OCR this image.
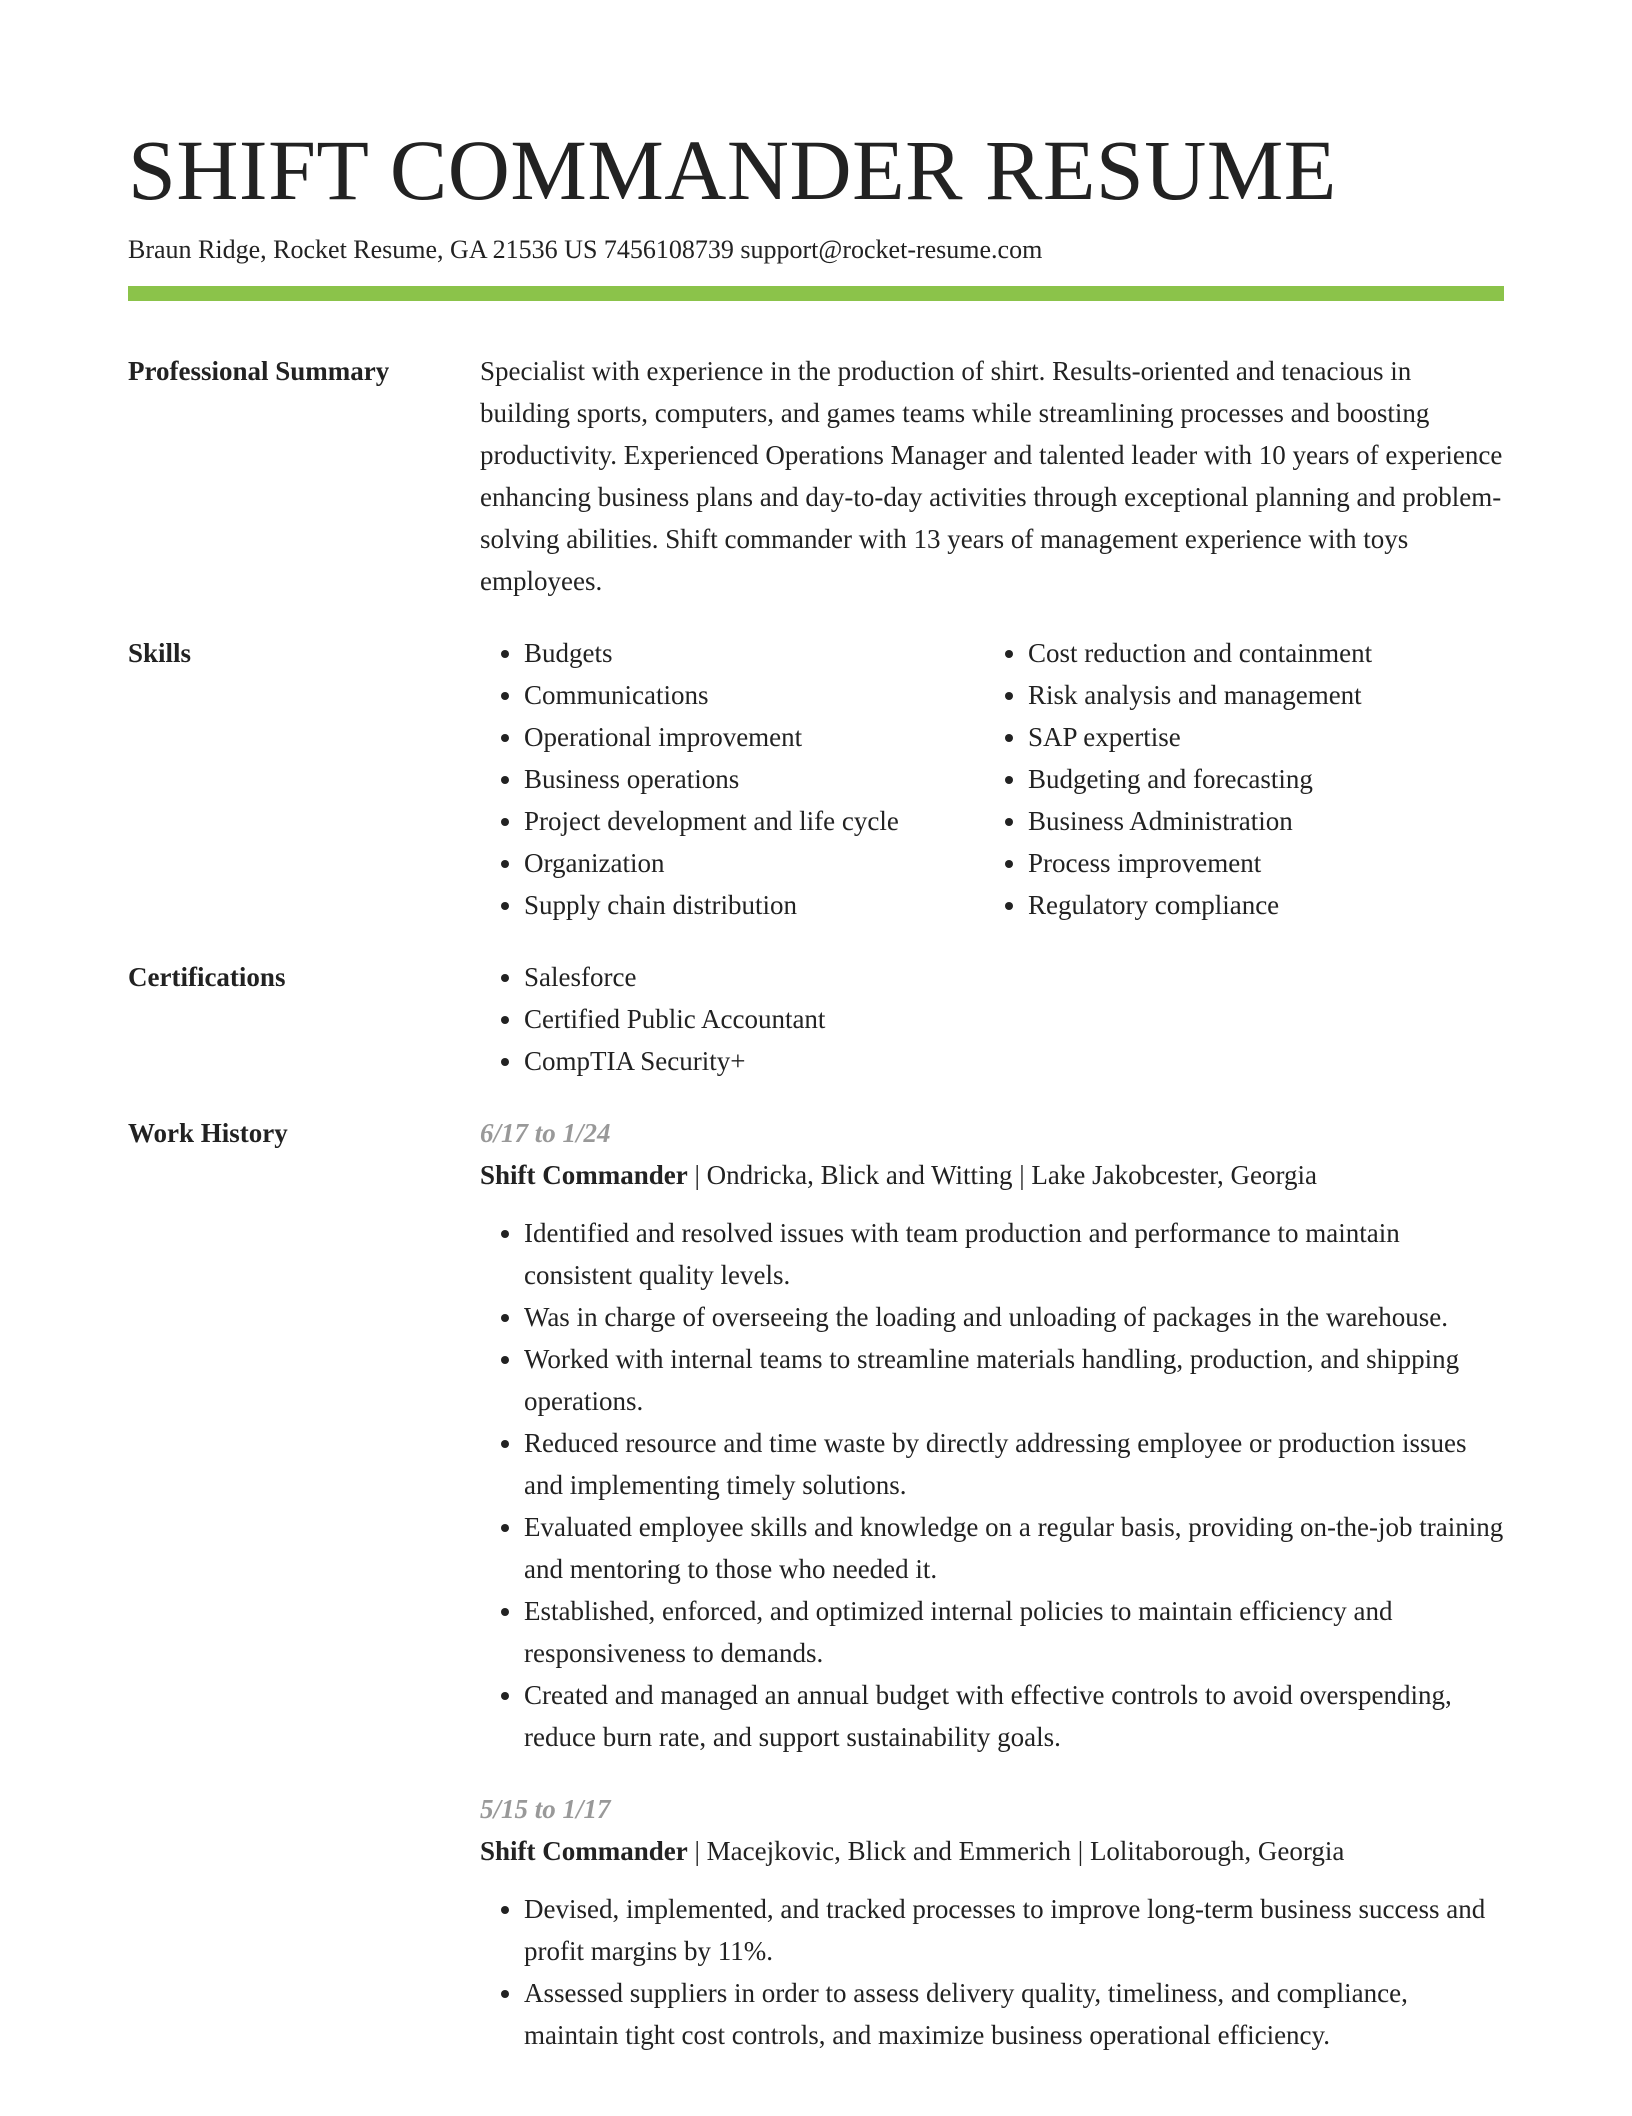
SHIFT COMMANDER RESUME
Braun Ridge, Rocket Resume, GA 21536 US 7456108739 support@rocket-resume.com
Professional Summary	Specialist with experience in the production of shirt. Results-oriented and tenacious in building sports, computers, and games teams while streamlining processes and boosting productivity. Experienced Operations Manager and talented leader with 10 years of experience enhancing business plans and day-to-day activities through exceptional planning and problem-solving abilities. Shift commander with 13 years of management experience with toys employees.

Skills	• Budgets
• Communications
• Operational improvement
• Business operations
• Project development and life cycle
• Organization
• Supply chain distribution
• Cost reduction and containment
• Risk analysis and management
• SAP expertise
• Budgeting and forecasting
• Business Administration
• Process improvement
• Regulatory compliance
Certifications	• Salesforce
• Certified Public Accountant
• CompTIA Security+
Work History	6/17 to 1/24
Shift Commander | Ondricka, Blick and Witting | Lake Jakobcester, Georgia
• Identified and resolved issues with team production and performance to maintain consistent quality levels.
• Was in charge of overseeing the loading and unloading of packages in the warehouse.
• Worked with internal teams to streamline materials handling, production, and shipping operations.
• Reduced resource and time waste by directly addressing employee or production issues and implementing timely solutions.
• Evaluated employee skills and knowledge on a regular basis, providing on-the-job training and mentoring to those who needed it.
• Established, enforced, and optimized internal policies to maintain efficiency and responsiveness to demands.
• Created and managed an annual budget with effective controls to avoid overspending, reduce burn rate, and support sustainability goals.
5/15 to 1/17
Shift Commander | Macejkovic, Blick and Emmerich | Lolitaborough, Georgia
• Devised, implemented, and tracked processes to improve long-term business success and profit margins by 11%.
• Assessed suppliers in order to assess delivery quality, timeliness, and compliance, maintain tight cost controls, and maximize business operational efficiency.
